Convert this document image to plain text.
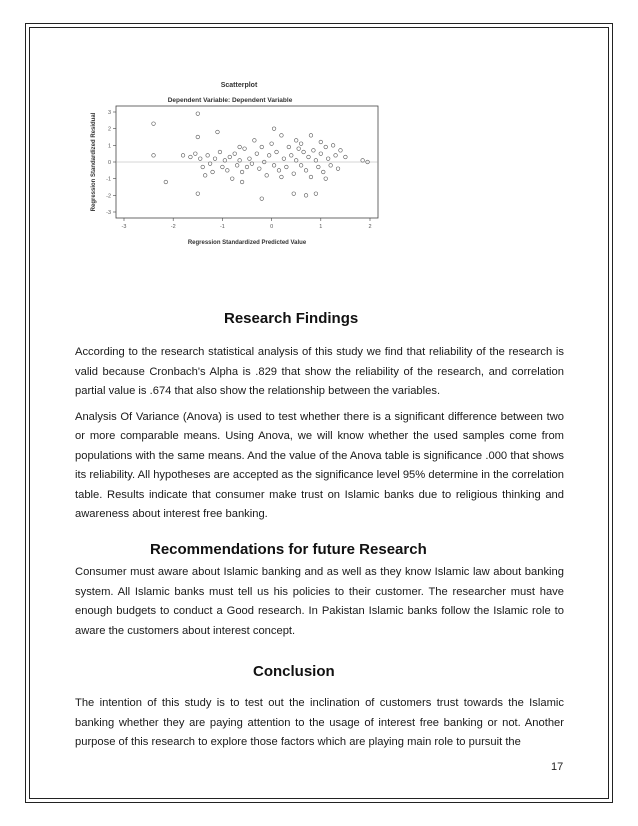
Scatterplot
Dependent Variable: Dependent Variable
-3	-2	-1	0	1	2
3
2
1
0
-1
-2
-3
Regression Standardized Predicted Value
Regression Standardized Residual
Research Findings

According to the research statistical analysis of this study we find that reliability of the research is valid because Cronbach's Alpha is .829 that show the reliability of the research, and correlation partial value is .674 that also show the relationship between the variables.

Analysis Of Variance (Anova) is used to test whether there is a significant difference between two or more comparable means. Using Anova, we will know whether the used samples come from populations with the same means. And the value of the Anova table is significance .000 that shows its reliability. All hypotheses are accepted as the significance level 95% determine in the correlation table. Results indicate that consumer make trust on Islamic banks due to religious thinking and awareness about interest free banking.

Recommendations for future Research

Consumer must aware about Islamic banking and as well as they know Islamic law about banking system. All Islamic banks must tell us his policies to their customer. The researcher must have enough budgets to conduct a Good research. In Pakistan Islamic banks follow the Islamic role to aware the customers about interest concept.

Conclusion

The intention of this study is to test out the inclination of customers trust towards the Islamic banking whether they are paying attention to the usage of interest free banking or not. Another purpose of this research to explore those factors which are playing main role to pursuit the

17
